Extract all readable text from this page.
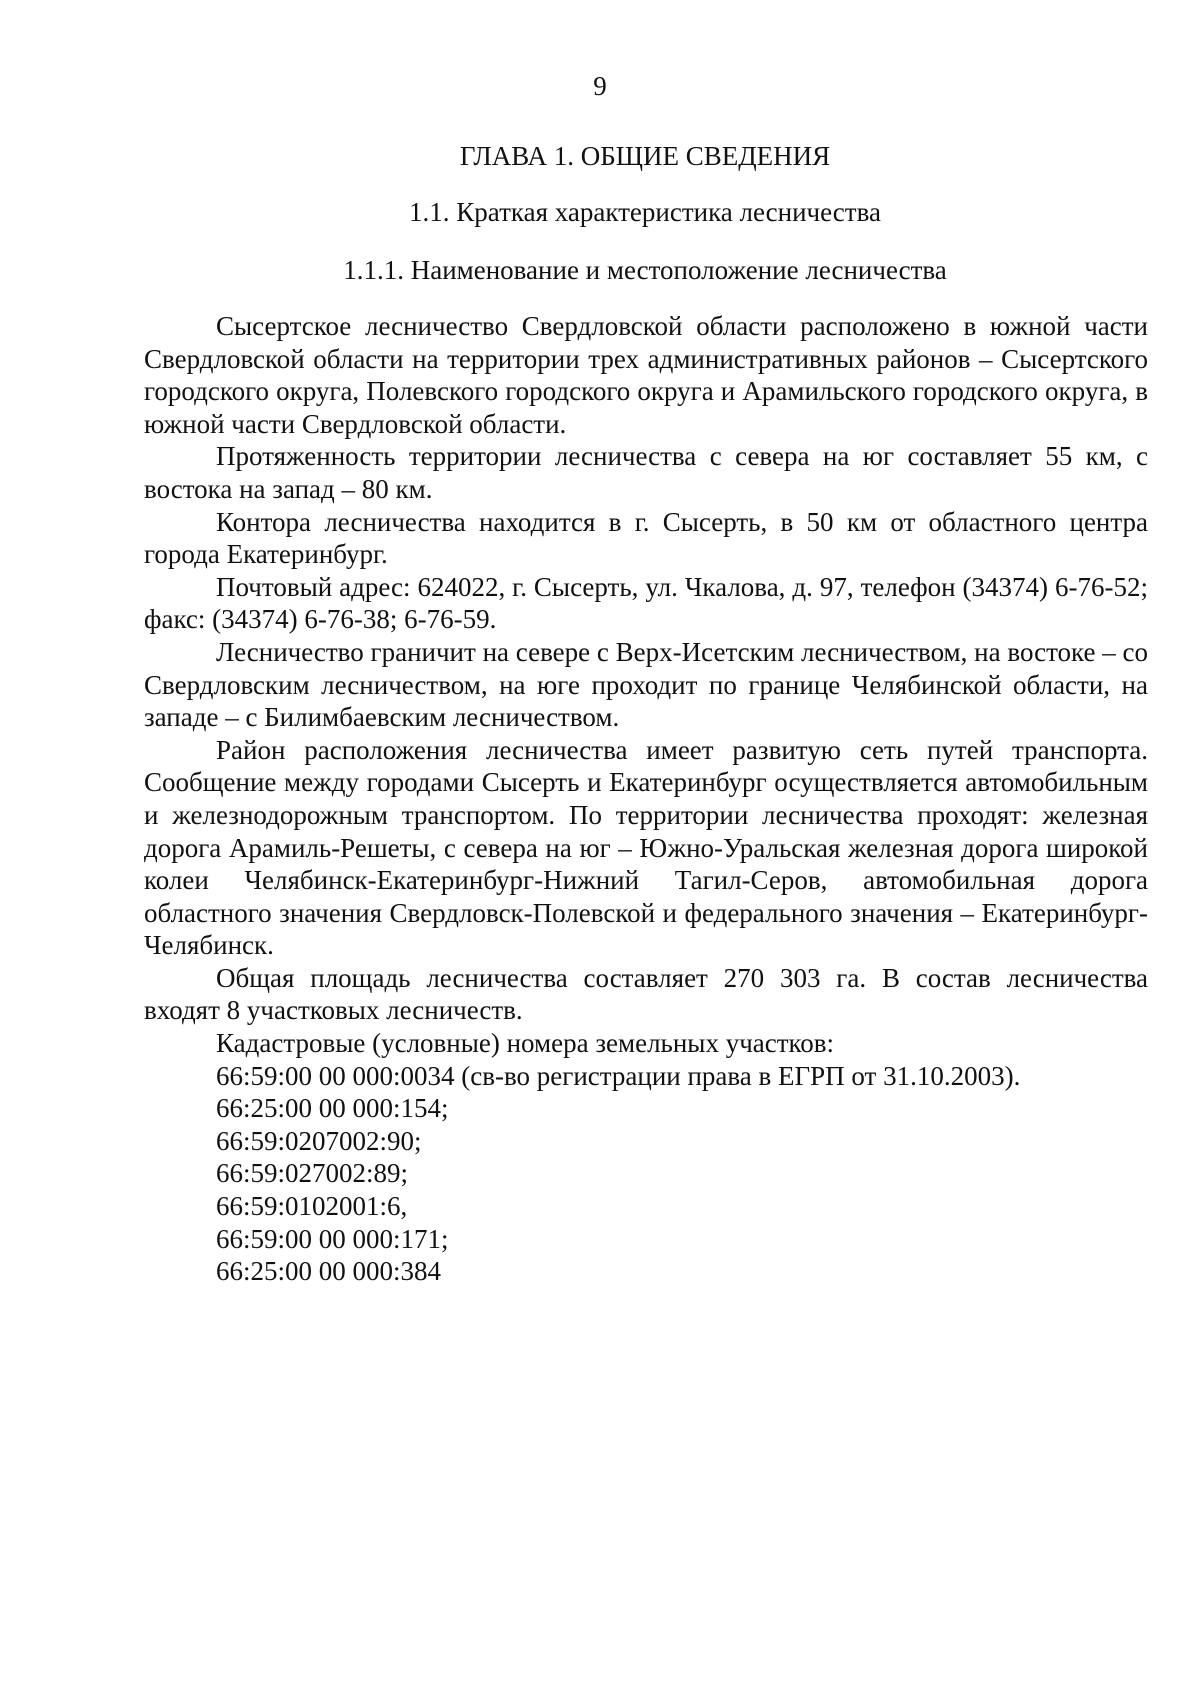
9
ГЛАВА 1. ОБЩИЕ СВЕДЕНИЯ
1.1. Краткая характеристика лесничества
1.1.1. Наименование и местоположение лесничества

Сысертское лесничество Свердловской области расположено в южной части Свердловской области на территории трех административных районов – Сысертского городского округа, Полевского городского округа и Арамильского городского округа, в южной части Свердловской области.

Протяженность территории лесничества с севера на юг составляет 55 км, с востока на запад – 80 км.

Контора лесничества находится в г. Сысерть, в 50 км от областного центра города Екатеринбург.

Почтовый адрес: 624022, г. Сысерть, ул. Чкалова, д. 97, телефон (34374) 6-76-52; факс: (34374) 6-76-38; 6-76-59.

Лесничество граничит на севере с Верх-Исетским лесничеством, на востоке – со Свердловским лесничеством, на юге проходит по границе Челябинской области, на западе – с Билимбаевским лесничеством.

Район расположения лесничества имеет развитую сеть путей транспорта. Сообщение между городами Сысерть и Екатеринбург осуществляется автомобильным и железнодорожным транспортом. По территории лесничества проходят: железная дорога Арамиль-Решеты, с севера на юг – Южно-Уральская железная дорога широкой колеи Челябинск-Екатеринбург-Нижний Тагил-Серов, автомобильная дорога областного значения Свердловск-Полевской и федерального значения – Екатеринбург-Челябинск.

Общая площадь лесничества составляет 270 303 га. В состав лесничества входят 8 участковых лесничеств.

Кадастровые (условные) номера земельных участков:

66:59:00 00 000:0034 (св-во регистрации права в ЕГРП от 31.10.2003).
66:25:00 00 000:154;
66:59:0207002:90;
66:59:027002:89;
66:59:0102001:6,
66:59:00 00 000:171;
66:25:00 00 000:384
